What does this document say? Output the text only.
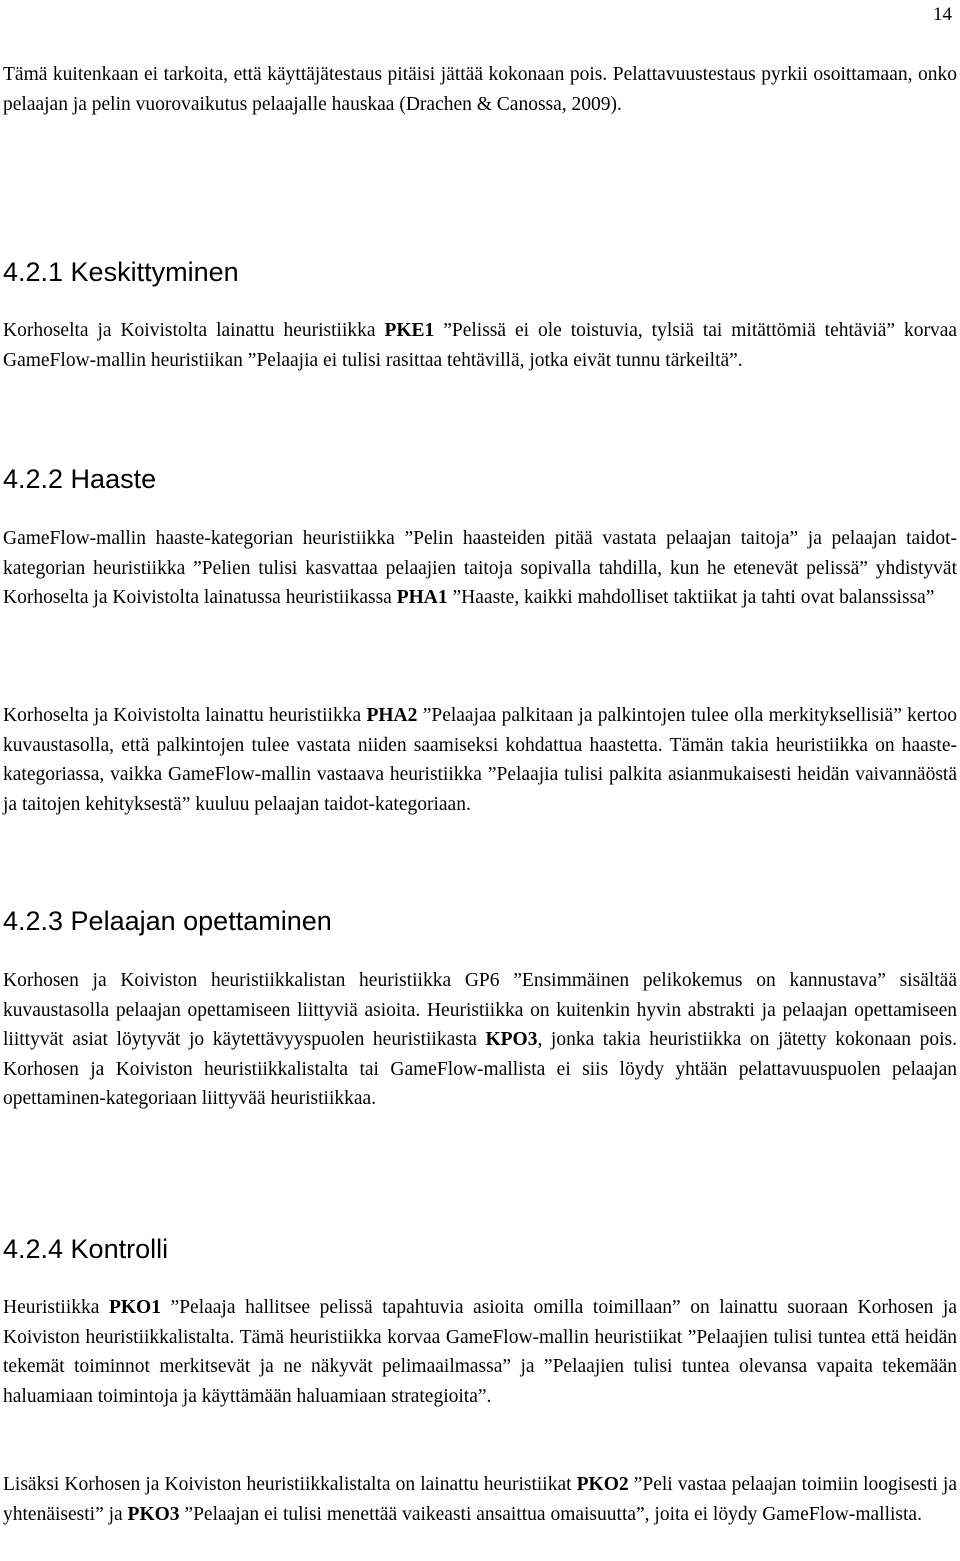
14

Tämä kuitenkaan ei tarkoita, että käyttäjätestaus pitäisi jättää kokonaan pois. Pelattavuustestaus pyrkii osoittamaan, onko pelaajan ja pelin vuorovaikutus pelaajalle hauskaa (Drachen & Canossa, 2009).

4.2.1 Keskittyminen

Korhoselta ja Koivistolta lainattu heuristiikka PKE1 ”Pelissä ei ole toistuvia, tylsiä tai mitättömiä tehtäviä” korvaa GameFlow-mallin heuristiikan ”Pelaajia ei tulisi rasittaa tehtävillä, jotka eivät tunnu tärkeiltä”.

4.2.2 Haaste

GameFlow-mallin haaste-kategorian heuristiikka ”Pelin haasteiden pitää vastata pelaajan taitoja” ja pelaajan taidot-kategorian heuristiikka ”Pelien tulisi kasvattaa pelaajien taitoja sopivalla tahdilla, kun he etenevät pelissä” yhdistyvät Korhoselta ja Koivistolta lainatussa heuristiikassa PHA1 ”Haaste, kaikki mahdolliset taktiikat ja tahti ovat balanssissa”

Korhoselta ja Koivistolta lainattu heuristiikka PHA2 ”Pelaajaa palkitaan ja palkintojen tulee olla merkityksellisiä” kertoo kuvaustasolla, että palkintojen tulee vastata niiden saamiseksi kohdattua haastetta. Tämän takia heuristiikka on haaste-kategoriassa, vaikka GameFlow-mallin vastaava heuristiikka ”Pelaajia tulisi palkita asianmukaisesti heidän vaivannäöstä ja taitojen kehityksestä” kuuluu pelaajan taidot-kategoriaan.

4.2.3 Pelaajan opettaminen

Korhosen ja Koiviston heuristiikkalistan heuristiikka GP6 ”Ensimmäinen pelikokemus on kannustava” sisältää kuvaustasolla pelaajan opettamiseen liittyviä asioita. Heuristiikka on kuitenkin hyvin abstrakti ja pelaajan opettamiseen liittyvät asiat löytyvät jo käytettävyyspuolen heuristiikasta KPO3, jonka takia heuristiikka on jätetty kokonaan pois. Korhosen ja Koiviston heuristiikkalistalta tai GameFlow-mallista ei siis löydy yhtään pelattavuuspuolen pelaajan opettaminen-kategoriaan liittyvää heuristiikkaa.

4.2.4 Kontrolli

Heuristiikka PKO1 ”Pelaaja hallitsee pelissä tapahtuvia asioita omilla toimillaan” on lainattu suoraan Korhosen ja Koiviston heuristiikkalistalta. Tämä heuristiikka korvaa GameFlow-mallin heuristiikat ”Pelaajien tulisi tuntea että heidän tekemät toiminnot merkitsevät ja ne näkyvät pelimaailmassa” ja ”Pelaajien tulisi tuntea olevansa vapaita tekemään haluamiaan toimintoja ja käyttämään haluamiaan strategioita”.

Lisäksi Korhosen ja Koiviston heuristiikkalistalta on lainattu heuristiikat PKO2 ”Peli vastaa pelaajan toimiin loogisesti ja yhtenäisesti” ja PKO3 ”Pelaajan ei tulisi menettää vaikeasti ansaittua omaisuutta”, joita ei löydy GameFlow-mallista.
